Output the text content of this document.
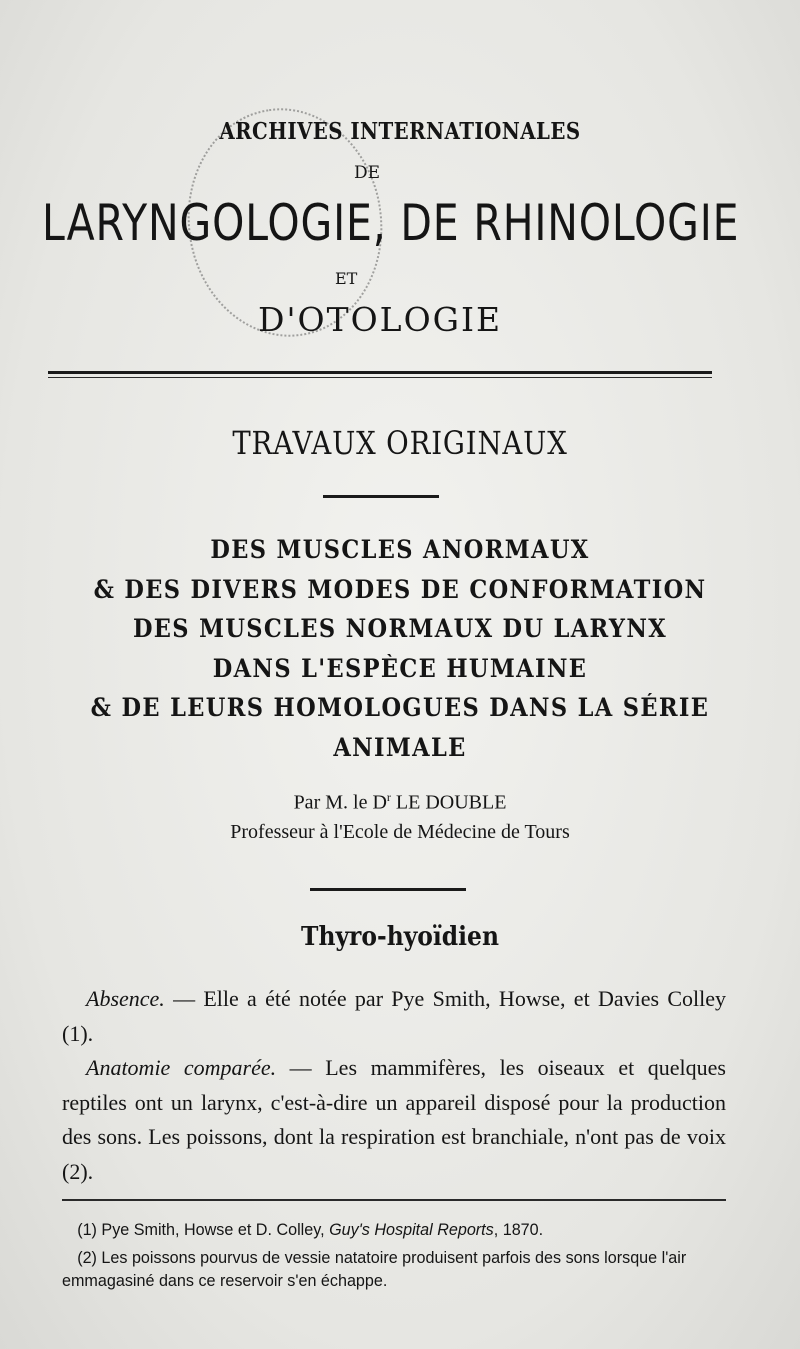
ARCHIVES INTERNATIONALES
DE
LARYNGOLOGIE, DE RHINOLOGIE
ET
D'OTOLOGIE
TRAVAUX ORIGINAUX
DES MUSCLES ANORMAUX
& DES DIVERS MODES DE CONFORMATION
DES MUSCLES NORMAUX DU LARYNX
DANS L'ESPÈCE HUMAINE
& DE LEURS HOMOLOGUES DANS LA SÉRIE
ANIMALE
Par M. le $D^r$ LE DOUBLE
Professeur à l'Ecole de Médecine de Tours
Thyro-hyoïdien

Absence. — Elle a été notée par Pye Smith, Howse, et Davies Colley (1).

Anatomie comparée. — Les mammifères, les oiseaux et quelques reptiles ont un larynx, c'est-à-dire un appareil disposé pour la production des sons. Les poissons, dont la respiration est branchiale, n'ont pas de voix (2).

(1) Pye Smith, Howse et D. Colley, Guy's Hospital Reports, 1870.

(2) Les poissons pourvus de vessie natatoire produisent parfois des sons lorsque l'air emmagasiné dans ce reservoir s'en échappe.
